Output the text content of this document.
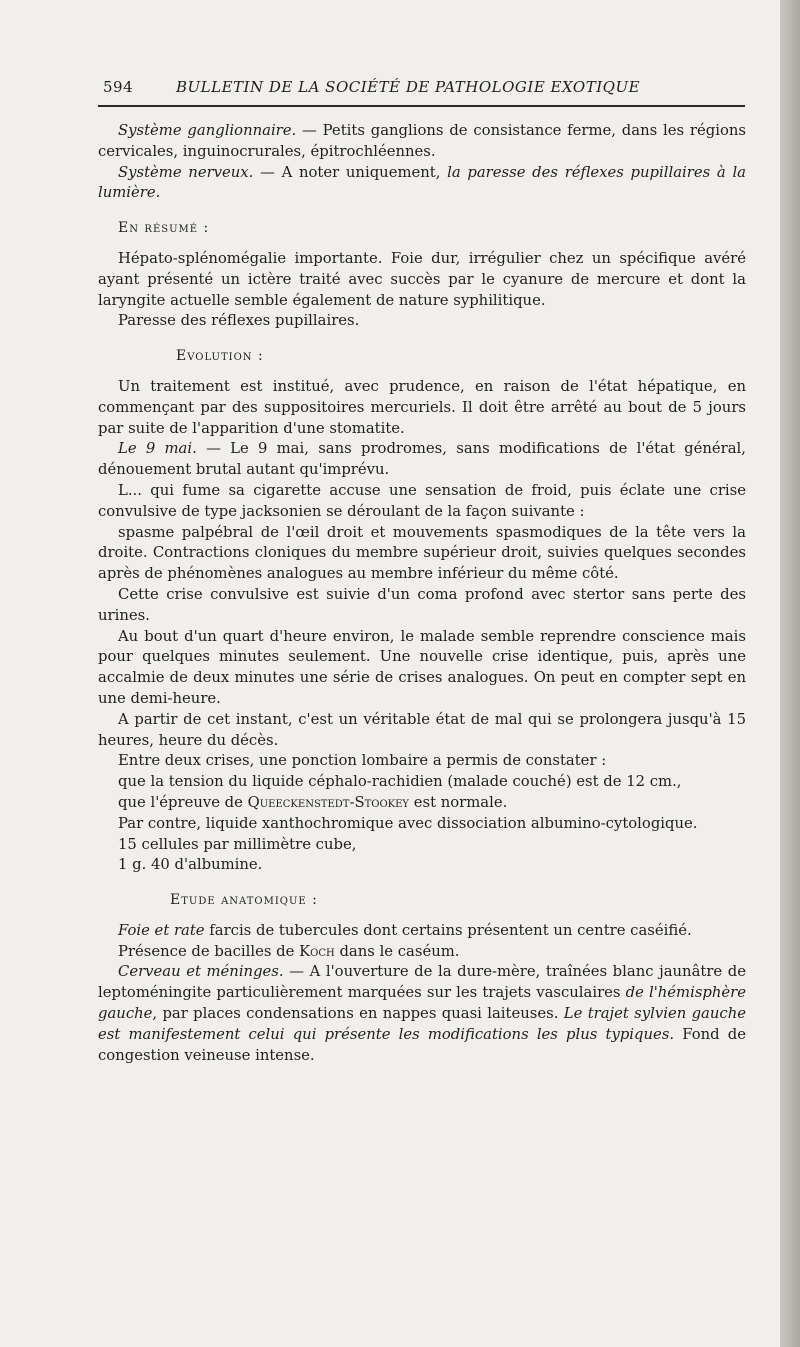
594	BULLETIN DE LA SOCIÉTÉ DE PATHOLOGIE EXOTIQUE

Système ganglionnaire. — Petits ganglions de consistance ferme, dans les régions cervicales, inguinocrurales, épitrochléennes.

Système nerveux. — A noter uniquement, la paresse des réflexes pupillaires à la lumière.

En résumé :

Hépato-splénomégalie importante. Foie dur, irrégulier chez un spécifique avéré ayant présenté un ictère traité avec succès par le cyanure de mercure et dont la laryngite actuelle semble également de nature syphilitique.

Paresse des réflexes pupillaires.

Evolution :

Un traitement est institué, avec prudence, en raison de l'état hépatique, en commençant par des suppositoires mercuriels. Il doit être arrêté au bout de 5 jours par suite de l'apparition d'une stomatite.

Le 9 mai. — Le 9 mai, sans prodromes, sans modifications de l'état général, dénouement brutal autant qu'imprévu.

L... qui fume sa cigarette accuse une sensation de froid, puis éclate une crise convulsive de type jacksonien se déroulant de la façon suivante :

spasme palpébral de l'œil droit et mouvements spasmodiques de la tête vers la droite. Contractions cloniques du membre supérieur droit, suivies quelques secondes après de phénomènes analogues au membre inférieur du même côté.

Cette crise convulsive est suivie d'un coma profond avec stertor sans perte des urines.

Au bout d'un quart d'heure environ, le malade semble reprendre conscience mais pour quelques minutes seulement. Une nouvelle crise identique, puis, après une accalmie de deux minutes une série de crises analogues. On peut en compter sept en une demi-heure.

A partir de cet instant, c'est un véritable état de mal qui se prolongera jusqu'à 15 heures, heure du décès.

Entre deux crises, une ponction lombaire a permis de constater :

que la tension du liquide céphalo-rachidien (malade couché) est de 12 cm.,

que l'épreuve de Queeckenstedt-Stookey est normale.

Par contre, liquide xanthochromique avec dissociation albumino-cytologique.

15 cellules par millimètre cube,

1 g. 40 d'albumine.

Etude anatomique :

Foie et rate farcis de tubercules dont certains présentent un centre caséifié.

Présence de bacilles de Koch dans le caséum.

Cerveau et méninges. — A l'ouverture de la dure-mère, traînées blanc jaunâtre de leptoméningite particulièrement marquées sur les trajets vasculaires de l'hémisphère gauche, par places condensations en nappes quasi laiteuses. Le trajet sylvien gauche est manifestement celui qui présente les modifications les plus typiques. Fond de congestion veineuse intense.
